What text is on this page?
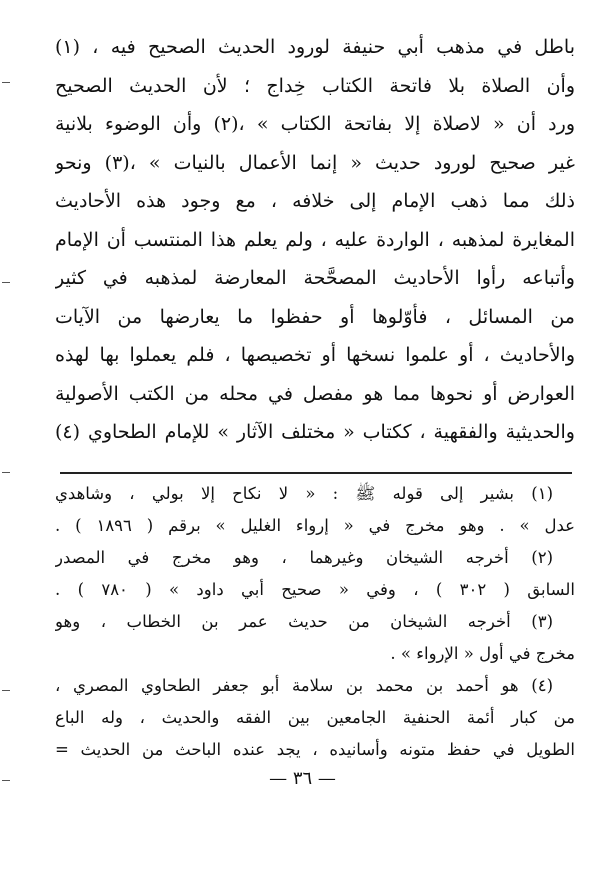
باطل في مذهب أبي حنيفة لورود الحديث الصحيح فيه ، (١)
وأن الصلاة بلا فاتحة الكتاب خِداج ؛ لأن الحديث الصحيح
ورد أن « لاصلاة إلا بفاتحة الكتاب » ،(٢) وأن الوضوء بلانية
غير صحيح لورود حديث « إنما الأعمال بالنيات » ،(٣) ونحو
ذلك مما ذهب الإمام إلى خلافه ، مع وجود هذه الأحاديث
المغايرة لمذهبه ، الواردة عليه ، ولم يعلم هذا المنتسب أن الإمام
وأتباعه رأوا الأحاديث المصحَّحة المعارضة لمذهبه في كثير
من المسائل ، فأوّلوها أو حفظوا ما يعارضها من الآيات
والأحاديث ، أو علموا نسخها أو تخصيصها ، فلم يعملوا بها لهذه
العوارض أو نحوها مما هو مفصل في محله من الكتب الأصولية
والحديثية والفقهية ، ككتاب « مختلف الآثار » للإمام الطحاوي (٤)
(١) بشير إلى قوله ﷺ : « لا نكاح إلا بولي ، وشاهدي
عدل » . وهو مخرج في « إرواء الغليل » برقم ( ١٨٩٦ ) .
(٢) أخرجه الشيخان وغيرهما ، وهو مخرج في المصدر
السابق ( ٣٠٢ ) ، وفي « صحيح أبي داود » ( ٧٨٠ ) .
(٣) أخرجه الشيخان من حديث عمر بن الخطاب ، وهو
مخرج في أول « الإرواء » .
(٤) هو أحمد بن محمد بن سلامة أبو جعفر الطحاوي المصري ،
من كبار أئمة الحنفية الجامعين بين الفقه والحديث ، وله الباع
الطويل في حفظ متونه وأسانيده ، يجد عنده الباحث من الحديث =
— ٣٦ —
